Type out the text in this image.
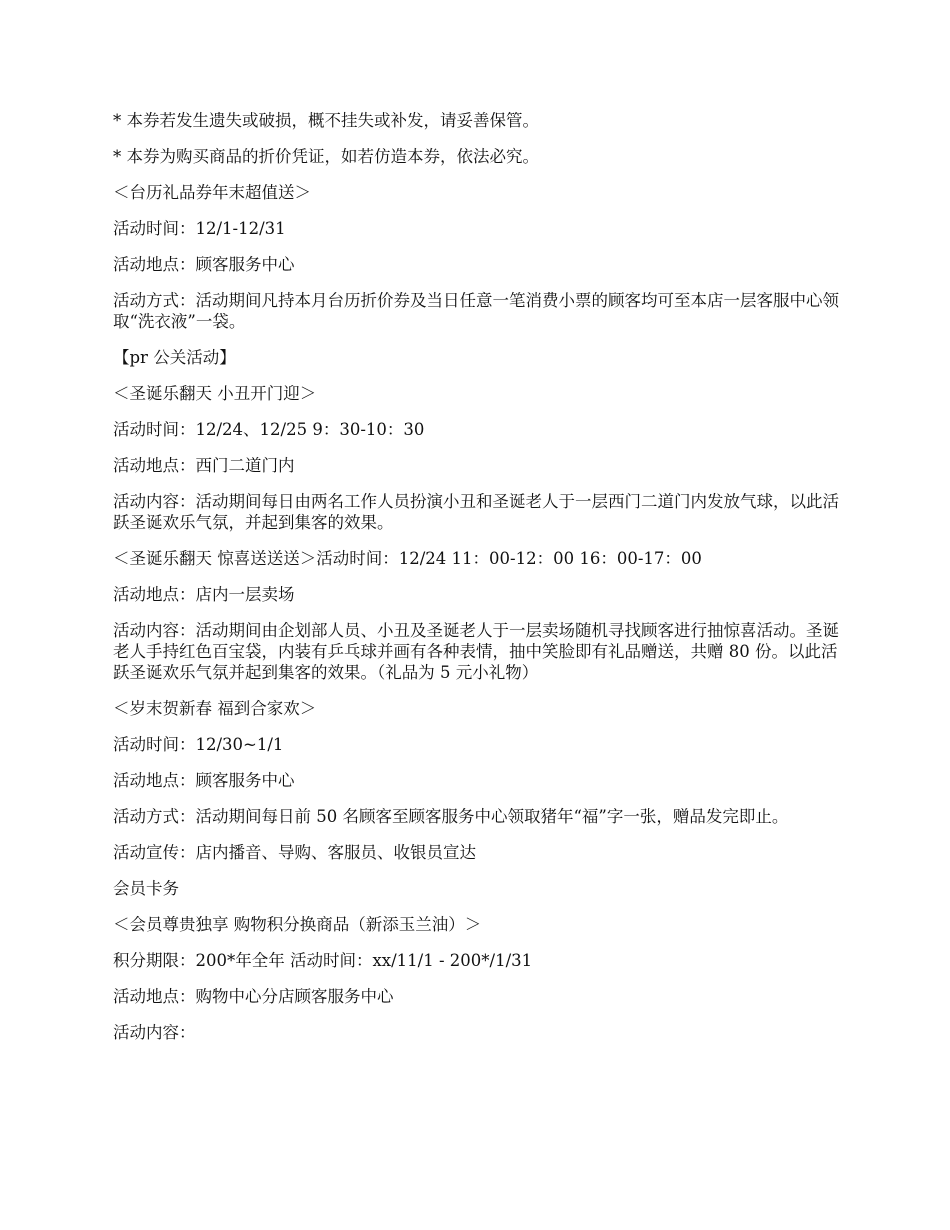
* 本券若发生遗失或破损，概不挂失或补发，请妥善保管。

* 本券为购买商品的折价凭证，如若仿造本券，依法必究。

＜台历礼品券年末超值送＞

活动时间：12/1-12/31

活动地点：顾客服务中心

活动方式：活动期间凡持本月台历折价券及当日任意一笔消费小票的顾客均可至本店一层客服中心领取“洗衣液”一袋。

【pr 公关活动】

＜圣诞乐翻天 小丑开门迎＞

活动时间：12/24、12/25 9：30-10：30

活动地点：西门二道门内

活动内容：活动期间每日由两名工作人员扮演小丑和圣诞老人于一层西门二道门内发放气球，以此活跃圣诞欢乐气氛，并起到集客的效果。

＜圣诞乐翻天 惊喜送送送＞活动时间：12/24 11：00-12：00 16：00-17：00

活动地点：店内一层卖场

活动内容：活动期间由企划部人员、小丑及圣诞老人于一层卖场随机寻找顾客进行抽惊喜活动。圣诞老人手持红色百宝袋，内装有乒乓球并画有各种表情，抽中笑脸即有礼品赠送，共赠 80 份。以此活跃圣诞欢乐气氛并起到集客的效果。（礼品为 5 元小礼物）

＜岁末贺新春 福到合家欢＞

活动时间：12/30~1/1

活动地点：顾客服务中心

活动方式：活动期间每日前 50 名顾客至顾客服务中心领取猪年“福”字一张，赠品发完即止。

活动宣传：店内播音、导购、客服员、收银员宣达

会员卡务

＜会员尊贵独享 购物积分换商品（新添玉兰油）＞

积分期限：200*年全年 活动时间：xx/11/1 - 200*/1/31

活动地点：购物中心分店顾客服务中心

活动内容：
